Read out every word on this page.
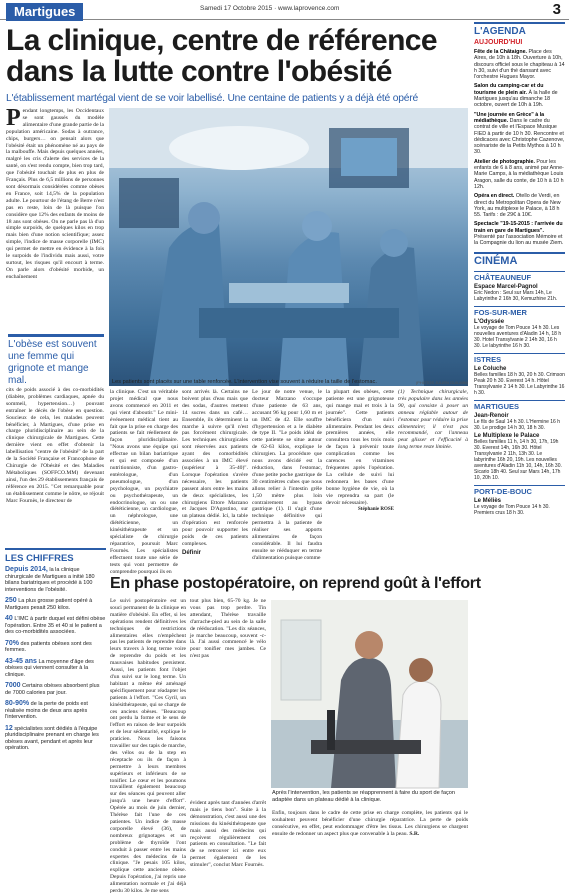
Martigues	Samedi 17 Octobre 2015 · www.laprovence.com	3
La clinique, centre de référence dans la lutte contre l'obésité
L'établissement martégal vient de se voir labellisé. Une centaine de patients y a déjà été opéré
Pendant longtemps, les Occidentaux se sont gaussés du modèle alimentaire d'une grande partie de la population américaine. Sodas à outrance, chips, burgers… on pensait alors que l'obésité était un phénomène né au pays de la malbouffe. Mais depuis quelques années, malgré les cris d'alerte des services de la santé, on s'est rendu compte, bien trop tard, que l'obésité touchait de plus en plus de Français. Plus de 6,5 millions de personnes sont désormais considérées comme obèses en France, soit 14,5% de la population adulte. Le pourtour de l'étang de Berre n'est pas en reste, loin de là puisque l'on considère que 12% des enfants de moins de 18 ans sont obèses. On ne parle pas là d'un simple surpoids, de quelques kilos en trop mais bien d'une notion scientifique; assez simple, l'indice de masse corporelle (IMC) qui permet de mettre en évidence à la fois le surpoids de l'individu mais aussi, votre surtout, les risques qu'il encourt à terme. On parle alors d'obésité morbide, un enchaînement
L'obèse est souvent une femme qui grignote et mange mal.
cits de poids associé à des co-morbidités (diabète, problèmes cardiaques, apnée du sommeil, hypertension…) pouvant entraîner le décès de l'obèse en question. Soucieux de cela, les malades peuvent bénéficier, à Martigues, d'une prise en charge pluridisciplinaire au sein de la clinique chirurgicale de Martigues. Cette dernière vient en effet d'obtenir la labellisation "centre de l'obésité" de la part de la Société Française et Francophone de Chirurgie de l'Obésité et des Maladies Métaboliques (SOFFCO.MM) devenant ainsi, l'un des 29 établissements français de référence en 2015. "Cet remarquable pour un établissement comme le nôtre, se réjouit Marc Fournès, le directeur de
Les patients sont placés sur une table renforcée. L'intervention vise souvent à réduire la taille de l'estomac.	(PHOTOS JULIEN GUILMIN)
la clinique. C'est un véritable projet médical que nous avons commencé en 2011 et qui vient d'aboutir." Le mini-événement médical tient au fait que la prise en charge des patients se fait réellement de façon pluridisciplinaire. "Nous avons une équipe qui effectue un bilan bariatrique et qui est composée d'un nutritionniste, d'un gastro-entérologue, d'un pneumologue, d'un psychologue, un psychiatre ou psychothérapeute, un endocrinologue, un ou une diététicienne, un cardiologue, un néphrologue, une diététicienne, un kinésithérapeute et un spécialiste de chirurgie réparatrice, poursuit Marc Fournès. Les spécialistes effectuent toute une série de tests qui vont permettre de comprendre pourquoi ils en
sont arrivés là. Certains ne boivent plus d'eau mais que des sodas, d'autres mettent 14 sucres dans un café… Ensemble, ils déterminent la marche à suivre qu'il n'est pas forcément chirurgicale. Les techniques chirurgicales sont réservées aux patients ayant des comorbidités associées à un IMC élevé (supérieur à 35-40)". Lorsque l'opération s'avère nécessaire, les patients passent alors entre les mains de deux spécialistes, les chirurgiens Ettore Marzano et Jacques D'Agostino, sur un plateau dédié. Ici, la table d'opération est renforcée pour pouvoir supporter les poids de ces patients complexes.
Définir
Le jour de notre venue, le docteur Marzano s'occupe d'une patiente de 63 ans, accusant 96 kg pour 1,60 m et un IMC de 42. Elle souffre d'hypertension et a le diabète de type II. "Le poids idéal de cette patiente se situe autour de 62-63 kilos, explique le chirurgien. La procédure que nous avons décidé est la réduction, dans l'estomac, d'une petite poche gastrique de 30 centimètres cubes que nous allons relier à l'intestin grêle 1,50 mètre plus loin contrairement au bypass gastrique (1). Il s'agit d'une technique définitive qui permettra à la patiente de réaliser ses apports alimentaires de façon considérable. Il lui faudra ensuite se rééduquer en terme d'alimentation puisque comme
la plupart des obèses, cette patiente est une grignoteuse qui mange mal et trois à la journée". Cette patients bénéficiera d'un suivi alimentaire. Pendant les deux premières années, elle consultera tous les trois mois de façon à prévenir toute complication comme les carences en vitamines fréquentes après l'opération. La cellule de suivi lui redonnera les bases d'une bonne hygiène de vie, où la vie reprendra sa part (le devoir nécessaire).
Stéphanie ROSE
(1) Technique chirurgicale, très populaire dans les années 90, qui consiste à poser un anneau réglable autour de l'estomac pour réduire la prise alimentaire; il n'est pas recommandé, car l'anneau peut glisser et l'efficacité à long terme reste limitée.
LES CHIFFRES
Depuis 2014, la la clinique chirurgicale de Martigues a initié 180 bilans bariatriques et procédé à 100 interventions de l'obésité.
250 La plus grosse patient opéré à Martigues pesait 250 kilos.
40 L'IMC à partir duquel est défini obèse l'opération. Entre 35 et 40 si le patient a des co-morbidités associées.
70% des patients obèses sont des femmes.
43-45 ans La moyenne d'âge des obèses qui viennent consulter à la clinique.
7000 Certains obèses absorbent plus de 7000 calories par jour.
80-90% de la perte de poids est réalisée moins de deux ans après l'intervention.
12 spécialistes sont dédiés à l'équipe pluridisciplinaire prenant en charge les obèses avant, pendant et après leur opération.
En phase postopératoire, on reprend goût à l'effort
Le suivi postopératoire est un souci permanent de la clinique en matière d'obésité. En effet, si les opérations rendent définitives les techniques de restrictions alimentaires elles n'empêchent pas les patients de reprendre dans leurs travers à long terme voire de reprendre du poids et les mauvaises habitudes persistent. Aussi, les patients font l'objet d'un suivi sur le long terme. Un habitant a même été aménagé spécifiquement pour réadapter les patients à l'effort. "Ces Gyril, un kinésithérapeute, qui se charge de ces anciens obèses. "Beaucoup ont perdu la forme et le sens de l'effort en raison de leur surpoids et de leur sédentarité, explique le praticien. Nous les faisons travailler sur des tapis de marche, des vélos ou de la step en réceptacle ou ils de façon à permettre à leurs membres supérieurs et inférieurs de se tonifier. Le cœur et les poumons travaillent également beaucoup sur des séances qui peuvent aller jusqu'à une heure d'effort". Opérée au mois de juin dernier, Thérèse fait l'une de ces patientes. Un indice de masse corporelle élevé (36), de nombreux grignotages et un problème de thyroïde l'ont conduit à passer entre les mains expertes des médecins de la clinique. "Je pesais 105 kilos, explique cette ancienne obèse. Depuis l'opération, j'ai repris une alimentation normale et j'ai déjà perdu 30 kilos. Je me sens
tout plus bien, 65-70 kg. Je ne vous pas trop perdre. Tin attendant, Thérèse travaille d'arrache-pied au sein de la salle de rééducation. "Les dix séances, je marche beaucoup, souvent -c-là. J'ai aussi commencé le vélo pour tonifier mes jambes. Ce n'est pas
Après l'intervention, les patients se réapprennent à faire du sport de façon adaptée dans un plateau dédié à la clinique.
évident après tant d'années d'arrêt mais je tiens bon". Suite à la démonstration, c'est aussi une des missions du kinésithérapeute que mais aussi des médecins qui reçoivent régulièrement ces patients en consultation. "Le fait de se retrouver ici entre eux permet également de les stimuler", conclut Marc Fournès.
Enfin, toujours dans le cadre de cette prise en charge complète, les patients qui le souhaitent peuvent bénéficier d'une chirurgie réparatrice. La perte de poids consécutive, en effet, peut endommager d'être les tissus. Les chirurgiens se chargent ensuite de redonner un aspect plus que convenable à la peau. S.R.
L'AGENDA
AUJOURD'HUI
Fête de la Châtaigne. Place des Aires, de 10h à 18h. Ouverture à 10h, discours officiel sous le chapiteau à 14 h 30, suivi d'un thé dansant avec l'orchestre Hugues Mayor.
Salon du camping-car et du tourisme de plein air. À la halle de Martigues jusqu'au dimanche 18 octobre, ouvert de 10h à 19h.
"Une journée en Grèce" à la médiathèque. Dans le cadre du contrat de ville et l'Espace Musique FIED à partir de 10 h 30. Rencontre et dédicaces avec Christophe Cazenove, scénariste de la Petits Mythos à 10 h 30.
Atelier de photographie. Pour les enfants de 6 à 8 ans, animé par Anne-Marie Camps, à la médiathèque Louis Aragon, salle du conte, de 10 h à 10 h 12h.
Opéra en direct. Otello de Verdi, en direct du Metropolitan Opera de New York, au multiplexe le Palace, à 18 h 55. Tarifs : de 29€ à 10€.
Spectacle "19-15-2015 : l'arrivée du train en gare de Martigues". Présenté par l'association Mémoire et la Compagnie du lion au musée Ziem.
CINÉMA
CHÂTEAUNEUF
Espace Marcel-Pagnol
Eric Nedon : Seul sur Mars 14h, Le Labyrinthe 2 16h 30, Kemuzhine 21h.
FOS-SUR-MER
L'Odyssée
Le voyage de Tom Pouce 14 h 30. Les nouvelles aventures d'Aladin 14 h, 18 h 30. Hotel Transylvanie 2 14h 30, 16 h 30. Le labyrinthe 16 h 30.
ISTRES
Le Coluche
Belles familles 18 h 30, 20 h 30. Crimson Peak 20 h 30. Everest 14 h. Hôtel Transylvanie 2 14 h 30. Le Labyrinthe 16 h 30.
MARTIGUES
Jean-Renoir
Le fils de Saul 14 h 30. L'Hermine 16 h 30. Le prodige 14 h 30, 18 h 30.
Le Multiplexe le Palace
Belles familles 11 h, 14 h 30, 17h, 19h 30. Everest 14h, 16h 30. Hôtel Transylvanie 2 11h, 13h 30. Le labyrinthe 16h 20, 19h. Les nouvelles aventures d'Aladin 11h 10, 14h, 16h 30. Sicario 18h 40. Seul sur Mars 14h, 17h 10, 20h 10.
PORT-DE-BOUC
Le Méliès
Le voyage de Tom Pouce 14 h 30. Premiers crus 18 h 30.
